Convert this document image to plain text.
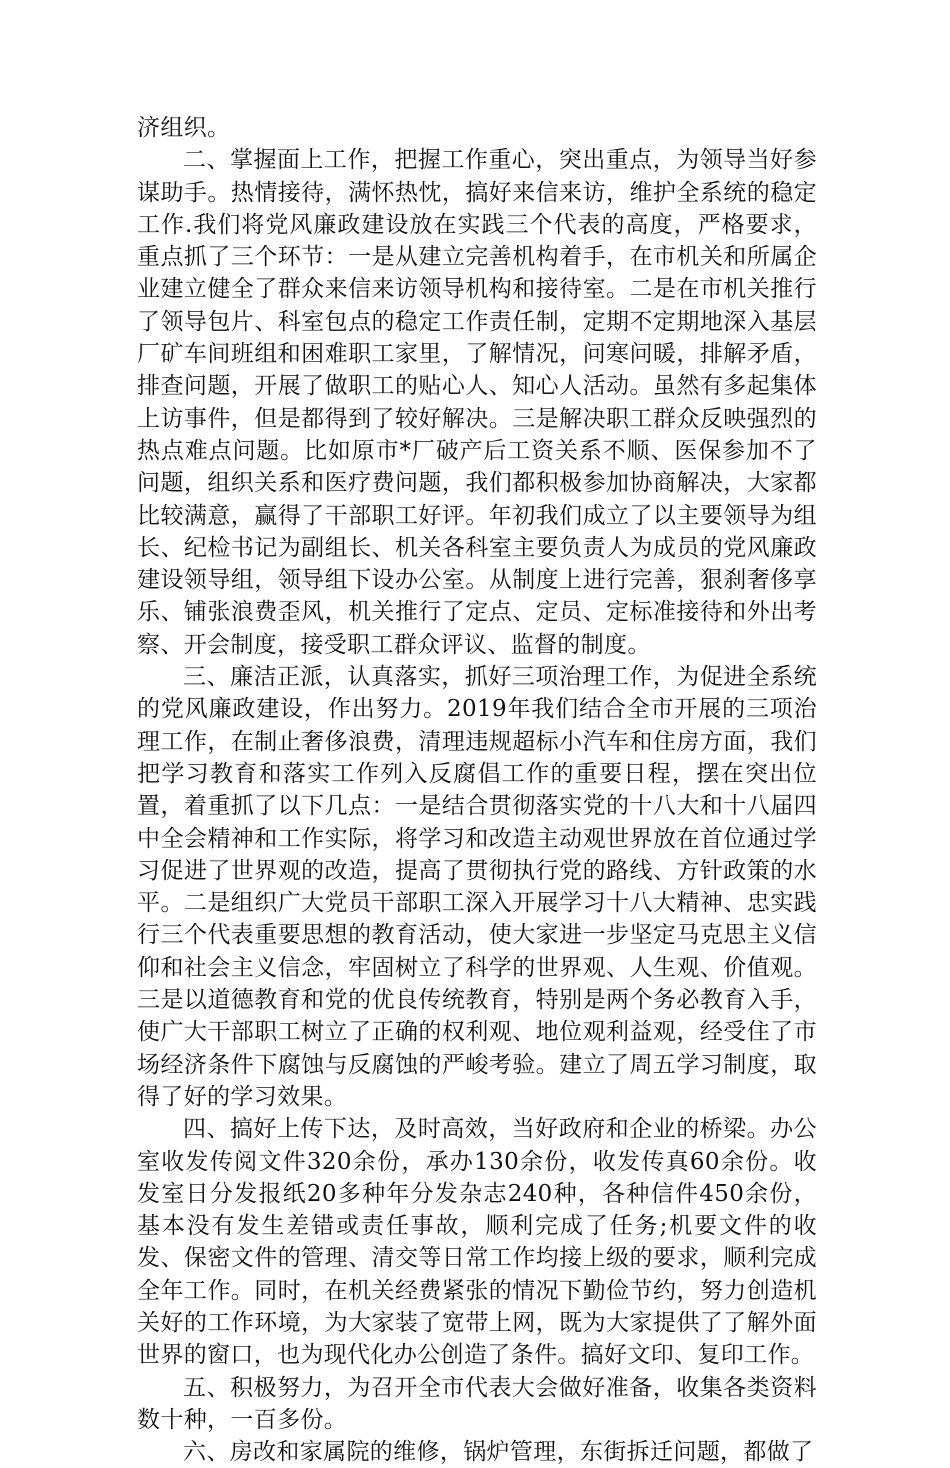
济组织。

二、掌握面上工作，把握工作重心，突出重点，为领导当好参谋助手。热情接待，满怀热忱，搞好来信来访，维护全系统的稳定工作.我们将党风廉政建设放在实践三个代表的高度，严格要求，重点抓了三个环节：一是从建立完善机构着手，在市机关和所属企业建立健全了群众来信来访领导机构和接待室。二是在市机关推行了领导包片、科室包点的稳定工作责任制，定期不定期地深入基层厂矿车间班组和困难职工家里，了解情况，问寒问暖，排解矛盾，排查问题，开展了做职工的贴心人、知心人活动。虽然有多起集体上访事件，但是都得到了较好解决。三是解决职工群众反映强烈的热点难点问题。比如原市*厂破产后工资关系不顺、医保参加不了问题，组织关系和医疗费问题，我们都积极参加协商解决，大家都比较满意，赢得了干部职工好评。年初我们成立了以主要领导为组长、纪检书记为副组长、机关各科室主要负责人为成员的党风廉政建设领导组，领导组下设办公室。从制度上进行完善，狠刹奢侈享乐、铺张浪费歪风，机关推行了定点、定员、定标准接待和外出考察、开会制度，接受职工群众评议、监督的制度。

三、廉洁正派，认真落实，抓好三项治理工作，为促进全系统的党风廉政建设，作出努力。2019年我们结合全市开展的三项治理工作，在制止奢侈浪费，清理违规超标小汽车和住房方面，我们把学习教育和落实工作列入反腐倡工作的重要日程，摆在突出位置，着重抓了以下几点：一是结合贯彻落实党的十八大和十八届四中全会精神和工作实际，将学习和改造主动观世界放在首位通过学习促进了世界观的改造，提高了贯彻执行党的路线、方针政策的水平。二是组织广大党员干部职工深入开展学习十八大精神、忠实践行三个代表重要思想的教育活动，使大家进一步坚定马克思主义信仰和社会主义信念，牢固树立了科学的世界观、人生观、价值观。三是以道德教育和党的优良传统教育，特别是两个务必教育入手，使广大干部职工树立了正确的权利观、地位观利益观，经受住了市场经济条件下腐蚀与反腐蚀的严峻考验。建立了周五学习制度，取得了好的学习效果。

四、搞好上传下达，及时高效，当好政府和企业的桥梁。办公室收发传阅文件320余份，承办130余份，收发传真60余份。收发室日分发报纸20多种年分发杂志240种，各种信件450余份，基本没有发生差错或责任事故，顺利完成了任务;机要文件的收发、保密文件的管理、清交等日常工作均接上级的要求，顺利完成全年工作。同时，在机关经费紧张的情况下勤俭节约，努力创造机关好的工作环境，为大家装了宽带上网，既为大家提供了了解外面世界的窗口，也为现代化办公创造了条件。搞好文印、复印工作。

五、积极努力，为召开全市代表大会做好准备，收集各类资料数十种，一百多份。

六、房改和家属院的维修，锅炉管理，东街拆迁问题，都做了
